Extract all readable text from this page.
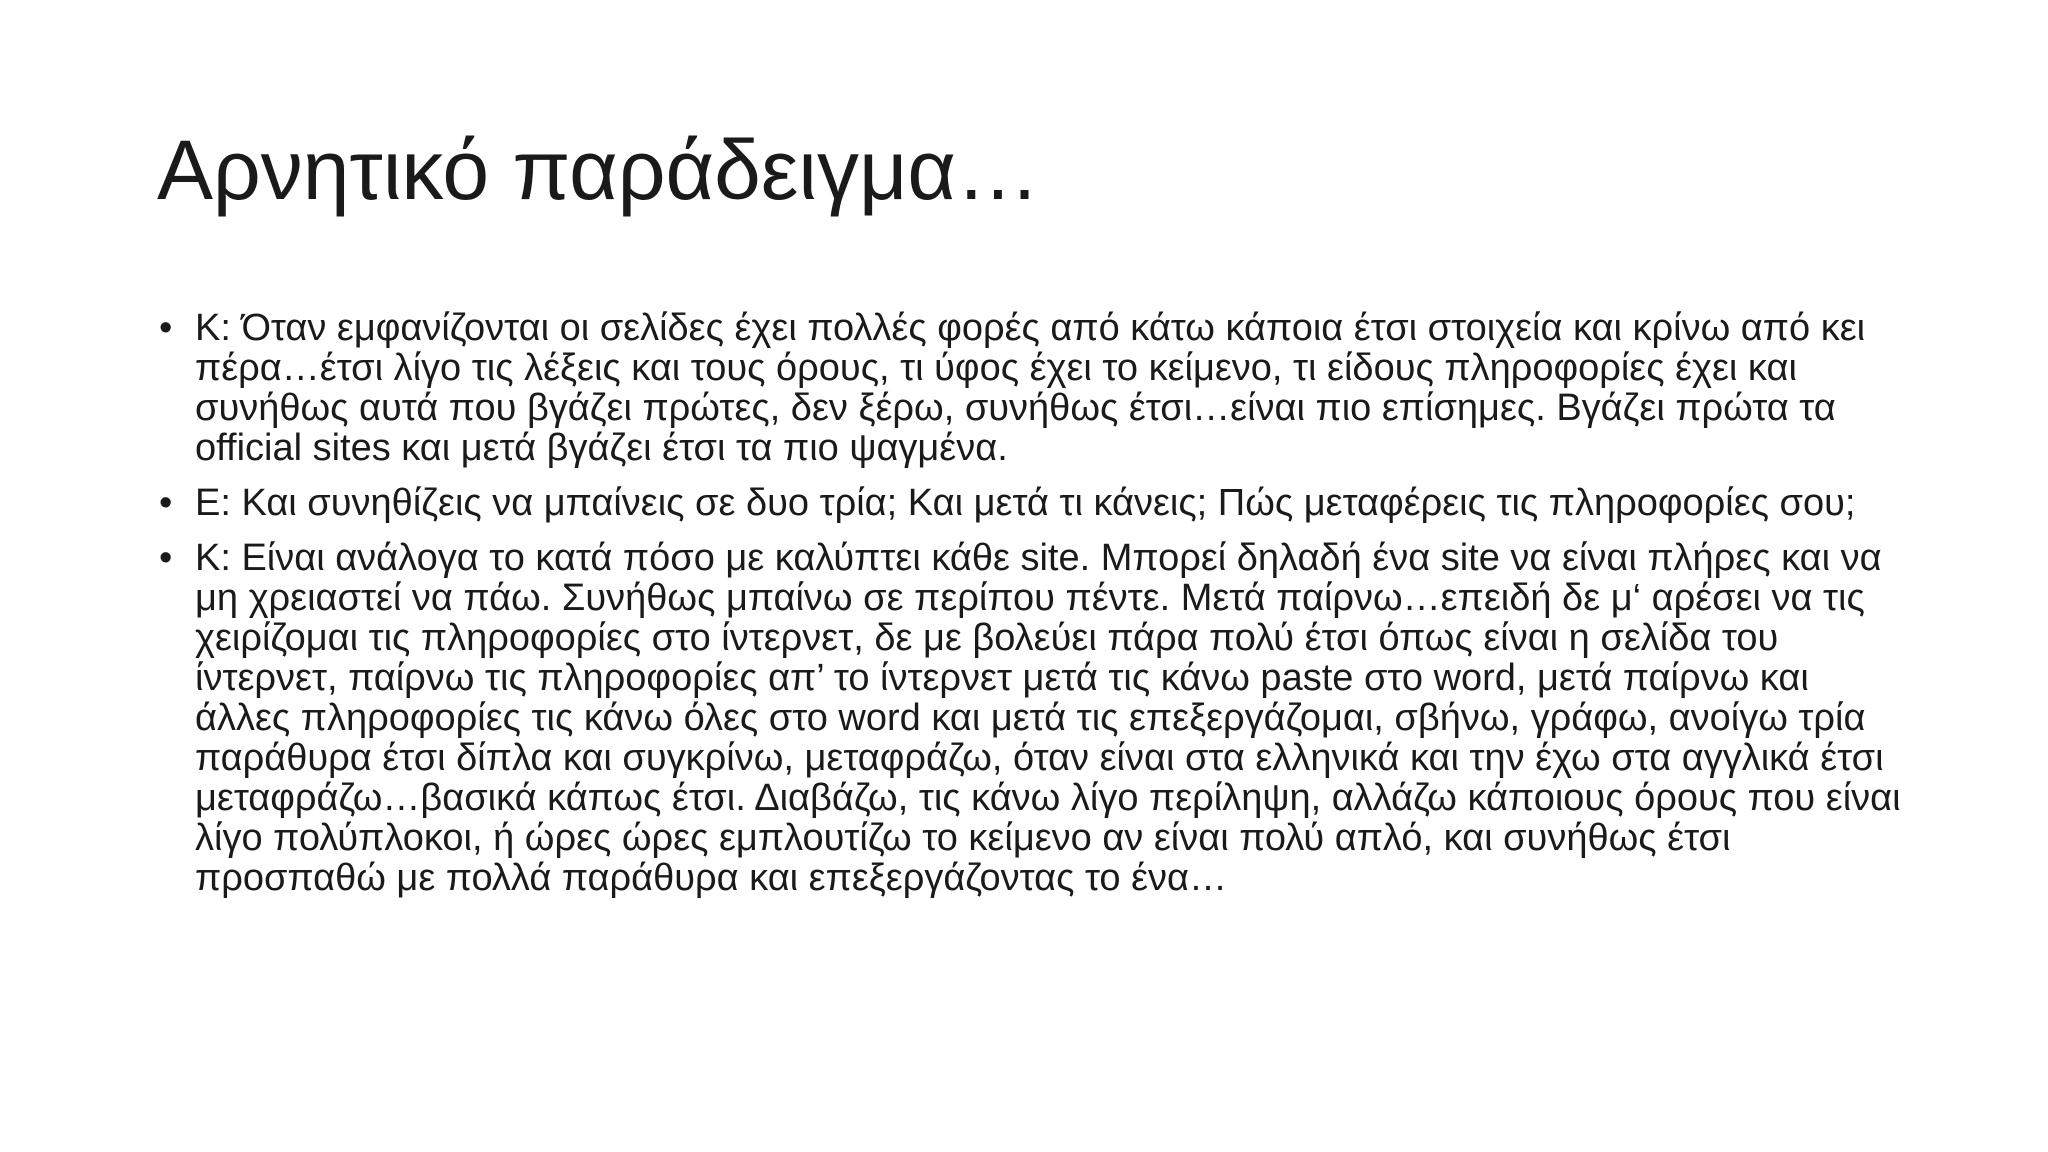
Αρνητικό παράδειγμα…
• Κ: Όταν εμφανίζονται οι σελίδες έχει πολλές φορές από κάτω κάποια έτσι στοιχεία και κρίνω από κει πέρα…έτσι λίγο τις λέξεις και τους όρους, τι ύφος έχει το κείμενο, τι είδους πληροφορίες έχει και συνήθως αυτά που βγάζει πρώτες, δεν ξέρω, συνήθως έτσι…είναι πιο επίσημες. Βγάζει πρώτα τα official sites και μετά βγάζει έτσι τα πιο ψαγμένα.
• Ε: Και συνηθίζεις να μπαίνεις σε δυο τρία; Και μετά τι κάνεις; Πώς μεταφέρεις τις πληροφορίες σου;
• Κ: Είναι ανάλογα το κατά πόσο με καλύπτει κάθε site. Μπορεί δηλαδή ένα site να είναι πλήρες και να μη χρειαστεί να πάω. Συνήθως μπαίνω σε περίπου πέντε. Μετά παίρνω…επειδή δε μ‘ αρέσει να τις χειρίζομαι τις πληροφορίες στο ίντερνετ, δε με βολεύει πάρα πολύ έτσι όπως είναι η σελίδα του ίντερνετ, παίρνω τις πληροφορίες απ’ το ίντερνετ μετά τις κάνω paste στο word, μετά παίρνω και άλλες πληροφορίες τις κάνω όλες στο word και μετά τις επεξεργάζομαι, σβήνω, γράφω, ανοίγω τρία παράθυρα έτσι δίπλα και συγκρίνω, μεταφράζω, όταν είναι στα ελληνικά και την έχω στα αγγλικά έτσι μεταφράζω…βασικά κάπως έτσι. Διαβάζω, τις κάνω λίγο περίληψη, αλλάζω κάποιους όρους που είναι λίγο πολύπλοκοι, ή ώρες ώρες εμπλουτίζω το κείμενο αν είναι πολύ απλό, και συνήθως έτσι προσπαθώ με πολλά παράθυρα και επεξεργάζοντας το ένα…
